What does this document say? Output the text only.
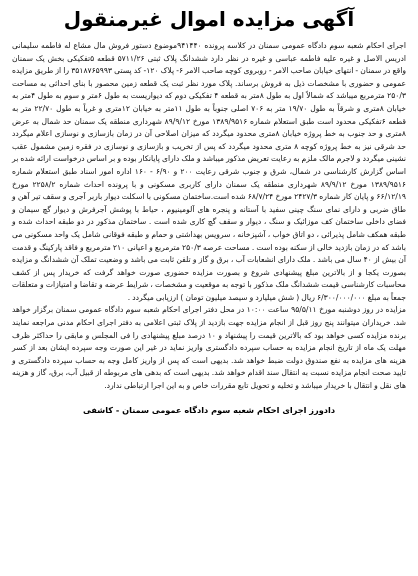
آگهی مزایده اموال غیرمنقول

اجرای احکام شعبه سوم دادگاه عمومی سمنان در کلاسه پرونده ۹۴۱۴۴۰موضوع دستور فروش مال مشاع له فاطمه سلیمانی ادریس الاصل و غیره علیه فاطمه عباسی و غیره در نظر دارد ششدانگ پلاک ثبتی ۵۷۱۱/۲۶ قطعه ۵تفکیکی بخش یک سمنان واقع در سمنان - انتهای خیابان صاحب الامر - روبروی کوچه صاحب الامر ۶- پلاک ۱۲۰- کد پستی ۳۵۱۸۷۶۵۹۹۳ را از طریق مزایده عمومی و حضوری با مشخصات ذیل به فروش برساند. پلاک مورد نظر ثبت یک قطعه زمین محصور با بنای احداثی به مساحت ۲۵۰/۳ مترمربع میباشد که شمالاً اول به طول ۸متر به قطعه ۴ تفکیکی دوم که دیواریست به طول ۶متر و سوم به طول ۴متر به خیابان ۸متری و شرقاً به طول ۱۹/۷۰ متر به ۷۰۶ اصلی جنوباً به طول ۱۱متر به خیابان ۱۲متری و غرباً به طول ۲۲/۷۰ متر به قطعه ۶تفکیکی محدود است طبق استعلام شماره ۱۳۸۹/۹۵۱۶ مورخ ۸۹/۹/۱۲ شهرداری منطقه یک سمنان حد شمال به عرض ۸متری و حد جنوب به خط پروژه خیابان ۸متری محدود میگردد که میزان اصلاحی آن در زمان بازسازی و نوسازی اعلام میگردد حد شرقی نیز به خط پروژه کوچه ۸ متری محدود میگردد که پس از تخریب و بازسازی و نوسازی در فقره زمین مشمول عقب نشینی میگردد و لاجرم مالک ملزم به رعایت تعریض مذکور میباشد و ملک دارای پایانکار بوده و بر اساس درخواست ارائه شده بر اساس گزارش کارشناسی در شمال، شرق و جنوب شرقی رعایت ۲۰۰ و ۶/۹۰ - ۱۶۰ اداره امور اسناد طبق استعلام شماره ۱۳۸۹/۹۵۱۶ مورخ ۸۹/۹/۱۲ شهرداری منطقه یک سمنان دارای کاربری مسکونی و با پرونده احداث شماره ۲۲۵۸/۲ مورخ ۶۶/۱۲/۱۹ و پایان کار شماره ۲۴۲۷/۳ مورخ ۶۸/۷/۲۴ شده است.ساختمان مسکونی با اسکلت دیوار باربر آجری و سقف تیر آهن و طاق ضربی و دارای نمای سنگ چینی سفید با آستانه و پنجره های آلومینیوم ، حیاط با پوشش آجرفرش و دیوار گچ سیمان و فضای داخلی ساختمان کف موزائیک و سنگ ، دیوار و سقف گچ کاری شده است . ساختمان مذکور در دو طبقه احداث شده و طبقه همکف شامل پذیرائی ، دو اتاق خواب ، آشپزخانه ، سرویس بهداشتی و حمام و طبقه فوقانی شامل یک واحد مسکونی می باشد که در زمان بازدید خالی از سکنه بوده است . مساحت عرصه ۲۵۰/۳ مترمربع و اعیانی ۲۱۰ مترمربع و فاقد پارکینگ و قدمت آن بیش از ۴۰ سال می باشد . ملک دارای انشعابات آب ، برق و گاز و تلفن ثابت می باشد و وضعیت تملک آن ششدانگ و مزایده بصورت یکجا و از بالاترین مبلغ پیشنهادی شروع و بصورت مزایده حضوری صورت خواهد گرفت که خریدار پس از کشف محاسبات کارشناسی قیمت ششدانگ ملک مذکور با توجه به موقعیت و مشخصات ، شرایط عرضه و تقاضا و امتیازات و متعلقات جمعاً به مبلغ ۶/۳۰۰/۰۰۰/۰۰۰ ریال ( شش میلیارد و سیصد میلیون تومان ) ارزیابی میگردد .

مزایده در روز دوشنبه مورخ ۹۵/۵/۱۱ ساعت ۱۰:۰۰ در محل دفتر اجرای احکام شعبه سوم دادگاه عمومی سمنان برگزار خواهد شد. خریداران میتوانند پنج روز قبل از انجام مزایده جهت بازدید از پلاک ثبتی اعلامی به دفتر اجرای احکام مدنی مراجعه نمایند برنده مزایده کسی خواهد بود که بالاترین قیمت را پیشنهاد و ۱۰ درصد مبلغ پیشنهادی را فی المجلس و مابقی را حداکثر ظرف مهلت یک ماه از تاریخ انجام مزایده به حساب سپرده دادگستری واریز نماید در غیر این صورت وجه سپرده ایشان بعد از کسر هزینه های مزایده به نفع صندوق دولت ضبط خواهد شد. بدیهی است که پس از واریز کامل وجه به حساب سپرده دادگستری و تایید صحت انجام مزایده نسبت به انتقال سند اقدام خواهد شد. بدیهی است که بدهی های مربوطه از قبیل آب، برق، گاز و هزینه های نقل و انتقال با خریدار میباشد و تخلیه و تحویل تابع مقررات خاص و به این اجرا ارتباطی ندارد.

دادورز اجرای احکام شعبه سوم دادگاه عمومی سمنان - کاشفی
